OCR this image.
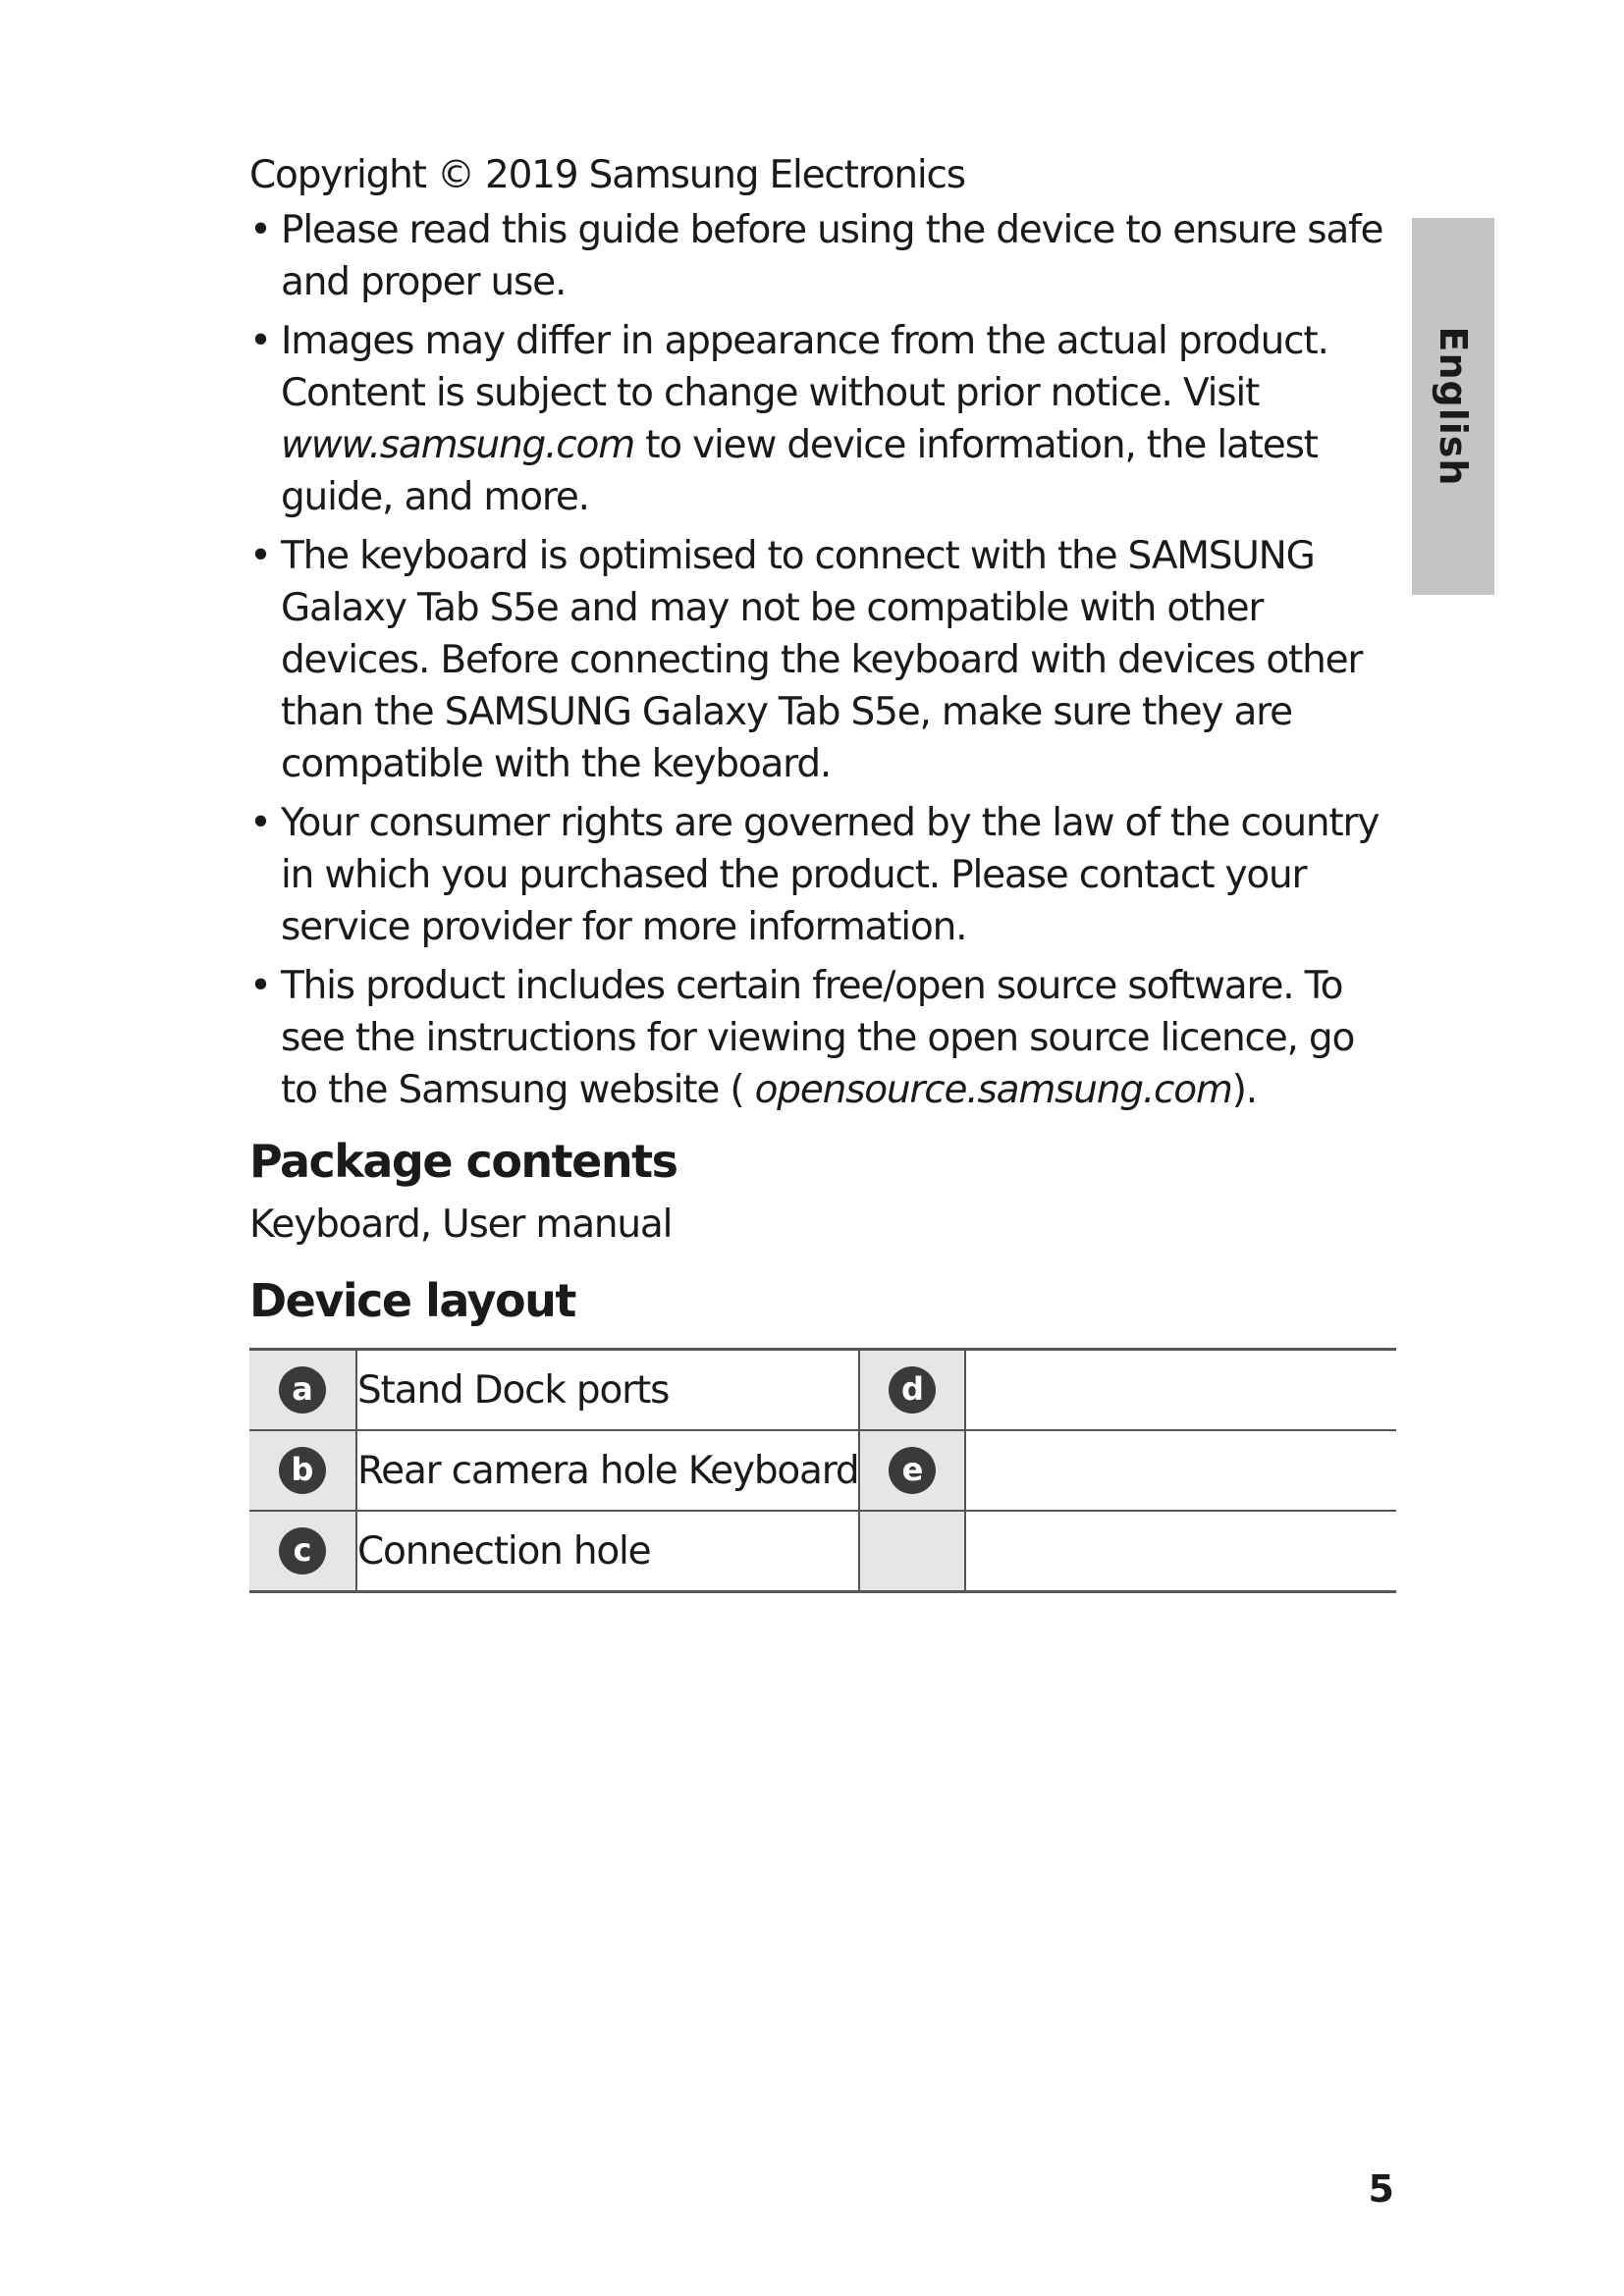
Copyright © 2019 Samsung Electronics

• Please read this guide before using the device to ensure safe and proper use.
• Images may differ in appearance from the actual product. Content is subject to change without prior notice. Visit www.samsung.com to view device information, the latest guide, and more.
• The keyboard is optimised to connect with the SAMSUNG Galaxy Tab S5e and may not be compatible with other devices. Before connecting the keyboard with devices other than the SAMSUNG Galaxy Tab S5e, make sure they are compatible with the keyboard.
• Your consumer rights are governed by the law of the country in which you purchased the product. Please contact your service provider for more information.
• This product includes certain free/open source software. To see the instructions for viewing the open source licence, go to the Samsung website ( opensource.samsung.com).
Package contents

Keyboard, User manual

Device layout
a	Stand Dock ports	d	
b	Rear camera hole Keyboard	e	
c	Connection hole		
English
5
